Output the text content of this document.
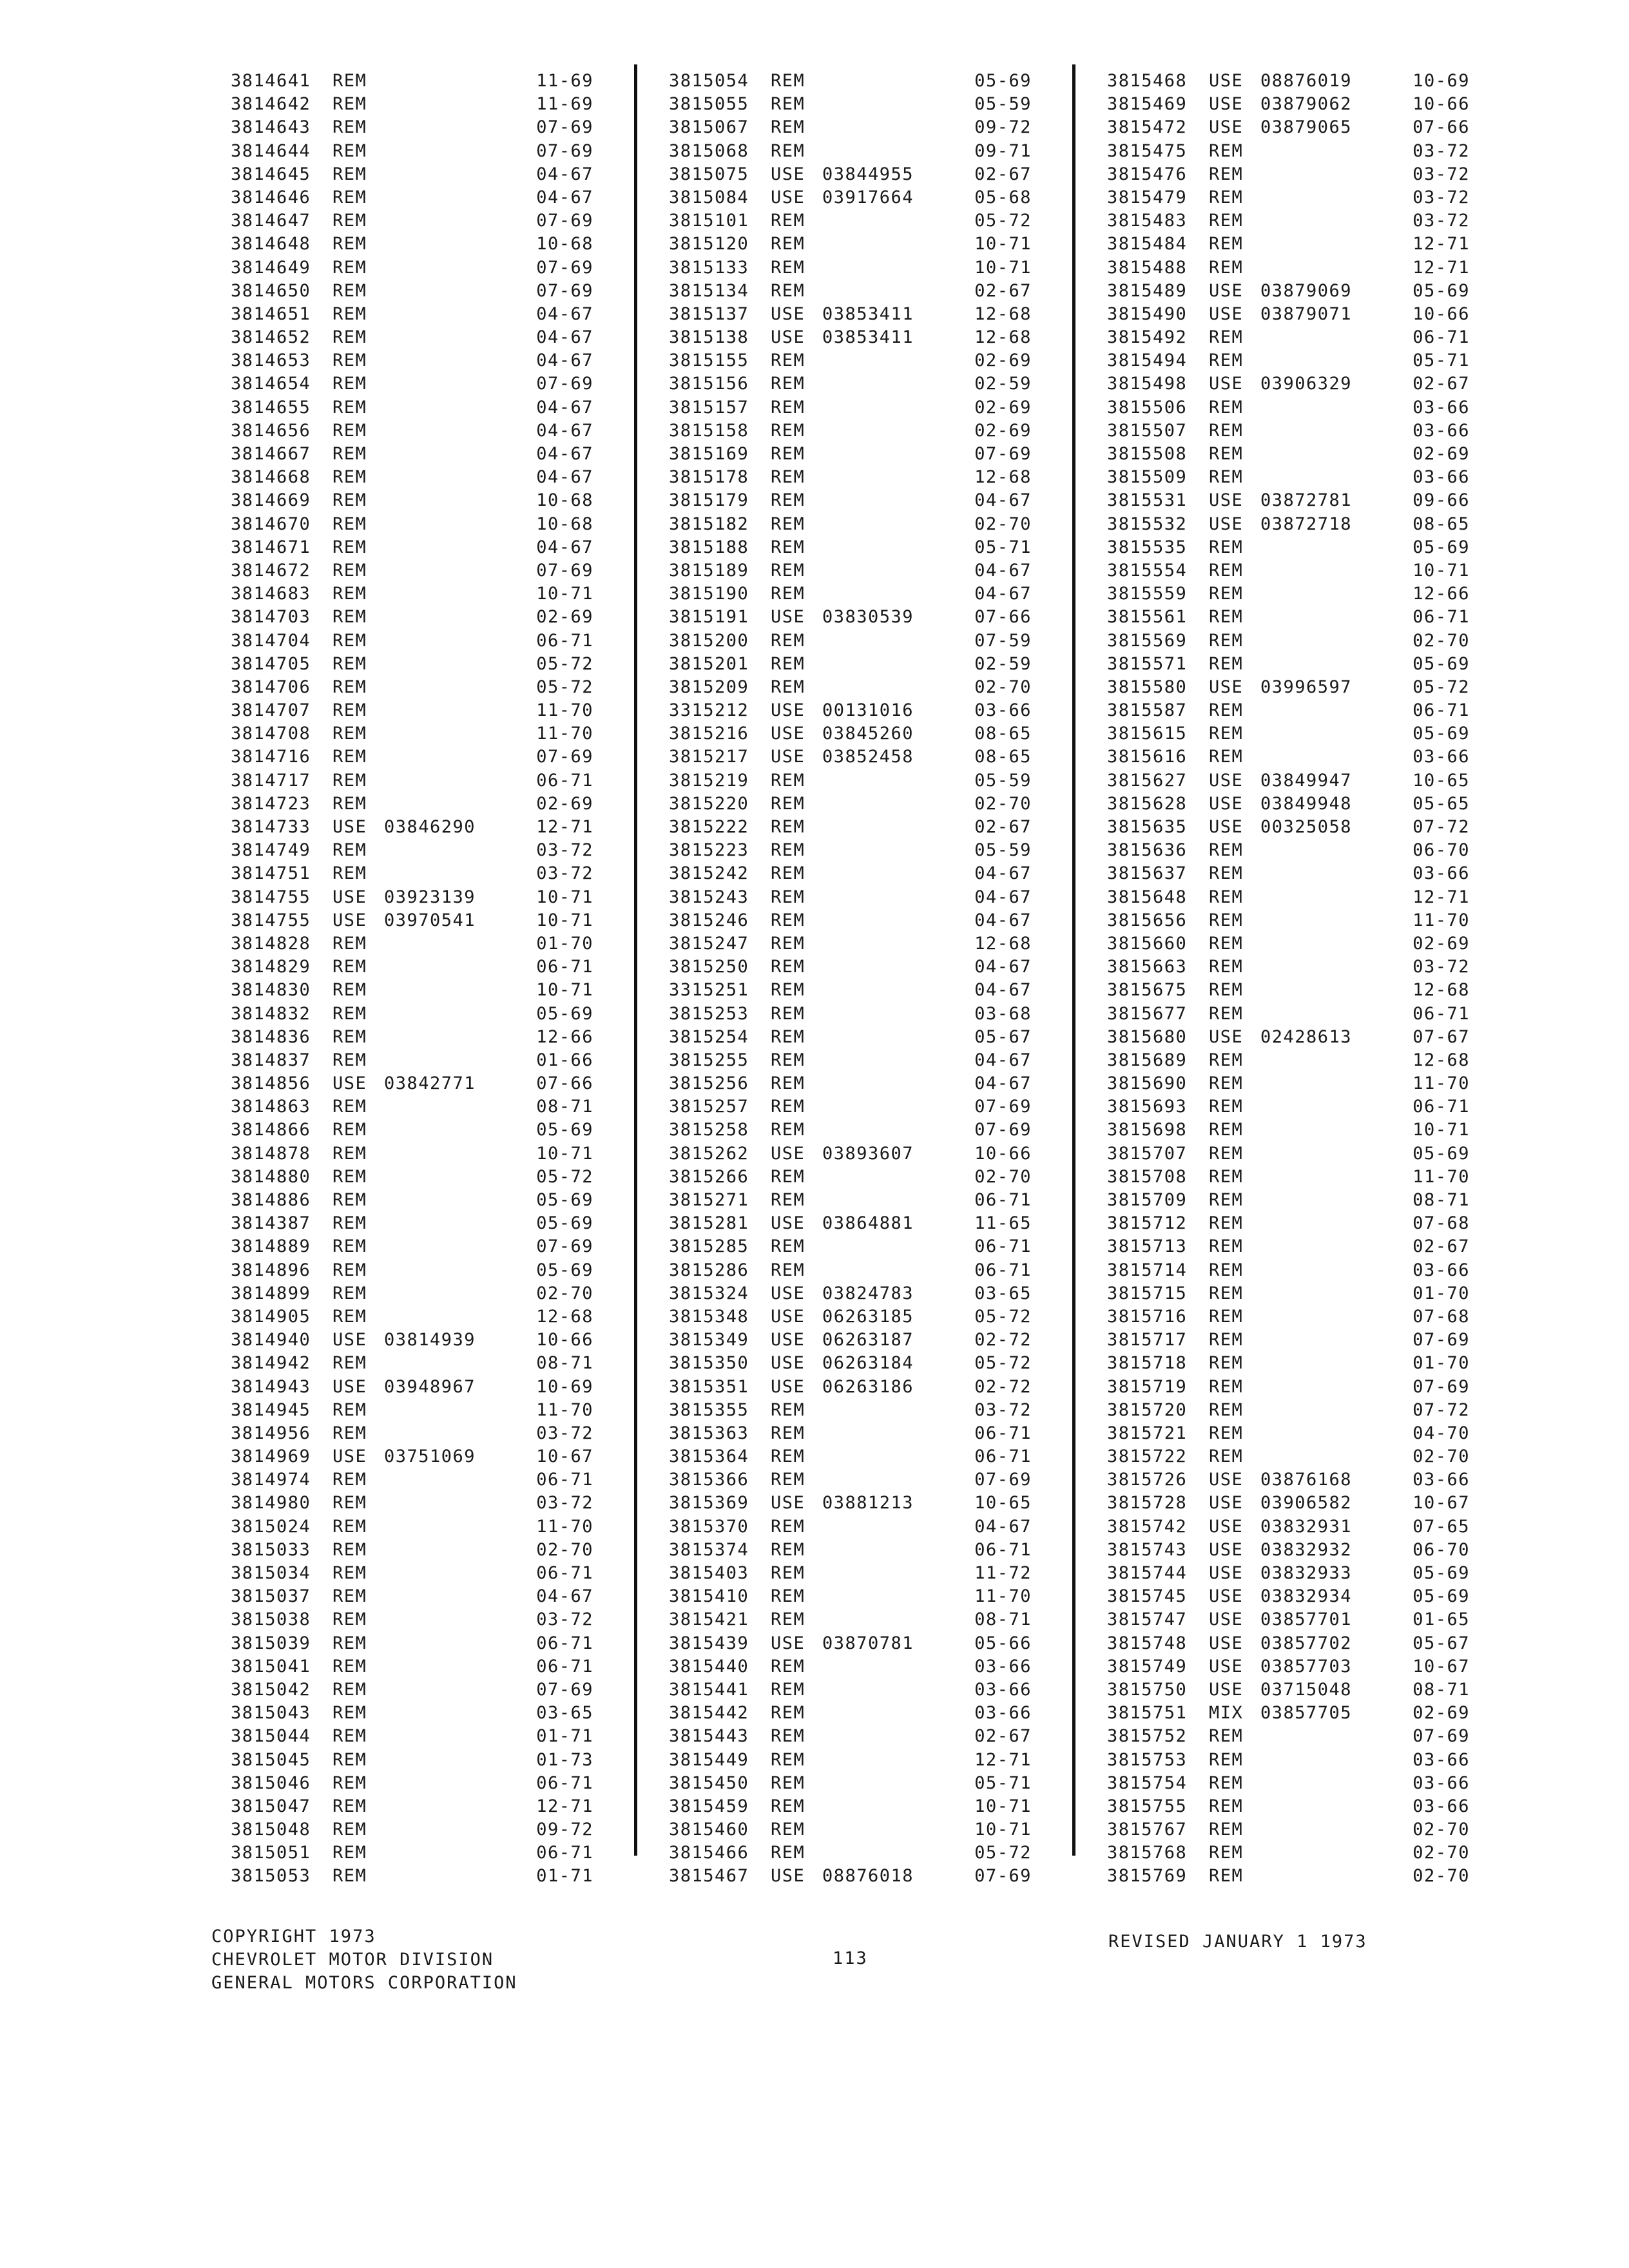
3814641 REM	11-69
3814642 REM	11-69
3814643 REM	07-69
3814644 REM	07-69
3814645 REM	04-67
3814646 REM	04-67
3814647 REM	07-69
3814648 REM	10-68
3814649 REM	07-69
3814650 REM	07-69
3814651 REM	04-67
3814652 REM	04-67
3814653 REM	04-67
3814654 REM	07-69
3814655 REM	04-67
3814656 REM	04-67
3814667 REM	04-67
3814668 REM	04-67
3814669 REM	10-68
3814670 REM	10-68
3814671 REM	04-67
3814672 REM	07-69
3814683 REM	10-71
3814703 REM	02-69
3814704 REM	06-71
3814705 REM	05-72
3814706 REM	05-72
3814707 REM	11-70
3814708 REM	11-70
3814716 REM	07-69
3814717 REM	06-71
3814723 REM	02-69
3814733 USE 03846290	12-71
3814749 REM	03-72
3814751 REM	03-72
3814755 USE 03923139	10-71
3814755 USE 03970541	10-71
3814828 REM	01-70
3814829 REM	06-71
3814830 REM	10-71
3814832 REM	05-69
3814836 REM	12-66
3814837 REM	01-66
3814856 USE 03842771	07-66
3814863 REM	08-71
3814866 REM	05-69
3814878 REM	10-71
3814880 REM	05-72
3814886 REM	05-69
3814387 REM	05-69
3814889 REM	07-69
3814896 REM	05-69
3814899 REM	02-70
3814905 REM	12-68
3814940 USE 03814939	10-66
3814942 REM	08-71
3814943 USE 03948967	10-69
3814945 REM	11-70
3814956 REM	03-72
3814969 USE 03751069	10-67
3814974 REM	06-71
3814980 REM	03-72
3815024 REM	11-70
3815033 REM	02-70
3815034 REM	06-71
3815037 REM	04-67
3815038 REM	03-72
3815039 REM	06-71
3815041 REM	06-71
3815042 REM	07-69
3815043 REM	03-65
3815044 REM	01-71
3815045 REM	01-73
3815046 REM	06-71
3815047 REM	12-71
3815048 REM	09-72
3815051 REM	06-71
3815053 REM	01-71
3815054 REM	05-69
3815055 REM	05-59
3815067 REM	09-72
3815068 REM	09-71
3815075 USE 03844955	02-67
3815084 USE 03917664	05-68
3815101 REM	05-72
3815120 REM	10-71
3815133 REM	10-71
3815134 REM	02-67
3815137 USE 03853411	12-68
3815138 USE 03853411	12-68
3815155 REM	02-69
3815156 REM	02-59
3815157 REM	02-69
3815158 REM	02-69
3815169 REM	07-69
3815178 REM	12-68
3815179 REM	04-67
3815182 REM	02-70
3815188 REM	05-71
3815189 REM	04-67
3815190 REM	04-67
3815191 USE 03830539	07-66
3815200 REM	07-59
3815201 REM	02-59
3815209 REM	02-70
3315212 USE 00131016	03-66
3815216 USE 03845260	08-65
3815217 USE 03852458	08-65
3815219 REM	05-59
3815220 REM	02-70
3815222 REM	02-67
3815223 REM	05-59
3815242 REM	04-67
3815243 REM	04-67
3815246 REM	04-67
3815247 REM	12-68
3815250 REM	04-67
3315251 REM	04-67
3815253 REM	03-68
3815254 REM	05-67
3815255 REM	04-67
3815256 REM	04-67
3815257 REM	07-69
3815258 REM	07-69
3815262 USE 03893607	10-66
3815266 REM	02-70
3815271 REM	06-71
3815281 USE 03864881	11-65
3815285 REM	06-71
3815286 REM	06-71
3815324 USE 03824783	03-65
3815348 USE 06263185	05-72
3815349 USE 06263187	02-72
3815350 USE 06263184	05-72
3815351 USE 06263186	02-72
3815355 REM	03-72
3815363 REM	06-71
3815364 REM	06-71
3815366 REM	07-69
3815369 USE 03881213	10-65
3815370 REM	04-67
3815374 REM	06-71
3815403 REM	11-72
3815410 REM	11-70
3815421 REM	08-71
3815439 USE 03870781	05-66
3815440 REM	03-66
3815441 REM	03-66
3815442 REM	03-66
3815443 REM	02-67
3815449 REM	12-71
3815450 REM	05-71
3815459 REM	10-71
3815460 REM	10-71
3815466 REM	05-72
3815467 USE 08876018	07-69
3815468 USE 08876019	10-69
3815469 USE 03879062	10-66
3815472 USE 03879065	07-66
3815475 REM	03-72
3815476 REM	03-72
3815479 REM	03-72
3815483 REM	03-72
3815484 REM	12-71
3815488 REM	12-71
3815489 USE 03879069	05-69
3815490 USE 03879071	10-66
3815492 REM	06-71
3815494 REM	05-71
3815498 USE 03906329	02-67
3815506 REM	03-66
3815507 REM	03-66
3815508 REM	02-69
3815509 REM	03-66
3815531 USE 03872781	09-66
3815532 USE 03872718	08-65
3815535 REM	05-69
3815554 REM	10-71
3815559 REM	12-66
3815561 REM	06-71
3815569 REM	02-70
3815571 REM	05-69
3815580 USE 03996597	05-72
3815587 REM	06-71
3815615 REM	05-69
3815616 REM	03-66
3815627 USE 03849947	10-65
3815628 USE 03849948	05-65
3815635 USE 00325058	07-72
3815636 REM	06-70
3815637 REM	03-66
3815648 REM	12-71
3815656 REM	11-70
3815660 REM	02-69
3815663 REM	03-72
3815675 REM	12-68
3815677 REM	06-71
3815680 USE 02428613	07-67
3815689 REM	12-68
3815690 REM	11-70
3815693 REM	06-71
3815698 REM	10-71
3815707 REM	05-69
3815708 REM	11-70
3815709 REM	08-71
3815712 REM	07-68
3815713 REM	02-67
3815714 REM	03-66
3815715 REM	01-70
3815716 REM	07-68
3815717 REM	07-69
3815718 REM	01-70
3815719 REM	07-69
3815720 REM	07-72
3815721 REM	04-70
3815722 REM	02-70
3815726 USE 03876168	03-66
3815728 USE 03906582	10-67
3815742 USE 03832931	07-65
3815743 USE 03832932	06-70
3815744 USE 03832933	05-69
3815745 USE 03832934	05-69
3815747 USE 03857701	01-65
3815748 USE 03857702	05-67
3815749 USE 03857703	10-67
3815750 USE 03715048	08-71
3815751 MIX 03857705	02-69
3815752 REM	07-69
3815753 REM	03-66
3815754 REM	03-66
3815755 REM	03-66
3815767 REM	02-70
3815768 REM	02-70
3815769 REM	02-70
COPYRIGHT 1973
CHEVROLET MOTOR DIVISION
GENERAL MOTORS CORPORATION
113
REVISED JANUARY 1 1973
